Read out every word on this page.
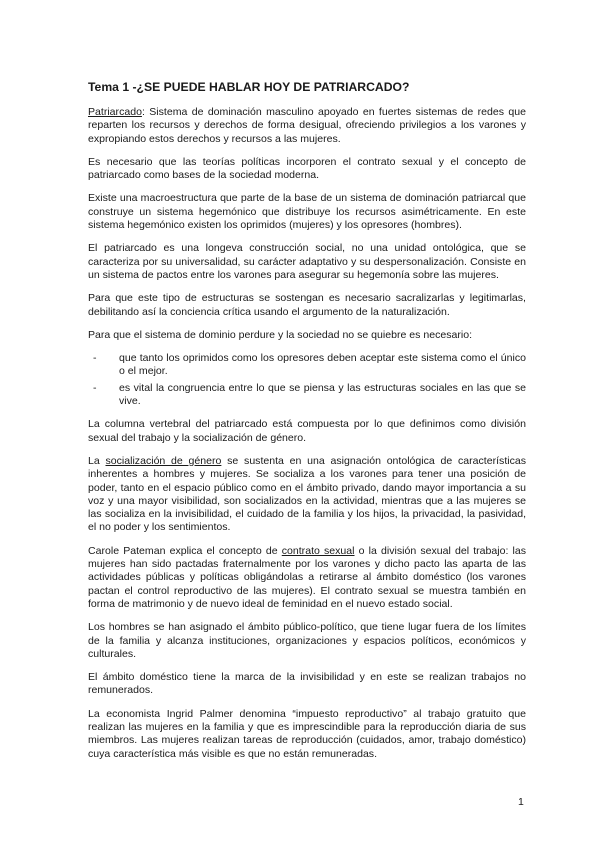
Tema 1 -¿SE PUEDE HABLAR HOY DE PATRIARCADO?

Patriarcado: Sistema de dominación masculino apoyado en fuertes sistemas de redes que reparten los recursos y derechos de forma desigual, ofreciendo privilegios a los varones y expropiando estos derechos y recursos a las mujeres.

Es necesario que las teorías políticas incorporen el contrato sexual y el concepto de patriarcado como bases de la sociedad moderna.

Existe una macroestructura que parte de la base de un sistema de dominación patriarcal que construye un sistema hegemónico que distribuye los recursos asimétricamente. En este sistema hegemónico existen los oprimidos (mujeres) y los opresores (hombres).

El patriarcado es una longeva construcción social, no una unidad ontológica, que se caracteriza por su universalidad, su carácter adaptativo y su despersonalización. Consiste en un sistema de pactos entre los varones para asegurar su hegemonía sobre las mujeres.

Para que este tipo de estructuras se sostengan es necesario sacralizarlas y legitimarlas, debilitando así la conciencia crítica usando el argumento de la naturalización.

Para que el sistema de dominio perdure y la sociedad no se quiebre es necesario:

- que tanto los oprimidos como los opresores deben aceptar este sistema como el único o el mejor.
- es vital la congruencia entre lo que se piensa y las estructuras sociales en las que se vive.

La columna vertebral del patriarcado está compuesta por lo que definimos como división sexual del trabajo y la socialización de género.

La socialización de género se sustenta en una asignación ontológica de características inherentes a hombres y mujeres. Se socializa a los varones para tener una posición de poder, tanto en el espacio público como en el ámbito privado, dando mayor importancia a su voz y una mayor visibilidad, son socializados en la actividad, mientras que a las mujeres se las socializa en la invisibilidad, el cuidado de la familia y los hijos, la privacidad, la pasividad, el no poder y los sentimientos.

Carole Pateman explica el concepto de contrato sexual o la división sexual del trabajo: las mujeres han sido pactadas fraternalmente por los varones y dicho pacto las aparta de las actividades públicas y políticas obligándolas a retirarse al ámbito doméstico (los varones pactan el control reproductivo de las mujeres). El contrato sexual se muestra también en forma de matrimonio y de nuevo ideal de feminidad en el nuevo estado social.

Los hombres se han asignado el ámbito público-político, que tiene lugar fuera de los límites de la familia y alcanza instituciones, organizaciones y espacios políticos, económicos y culturales.

El ámbito doméstico tiene la marca de la invisibilidad y en este se realizan trabajos no remunerados.

La economista Ingrid Palmer denomina “impuesto reproductivo” al trabajo gratuito que realizan las mujeres en la familia y que es imprescindible para la reproducción diaria de sus miembros. Las mujeres realizan tareas de reproducción (cuidados, amor, trabajo doméstico) cuya característica más visible es que no están remuneradas.

1
